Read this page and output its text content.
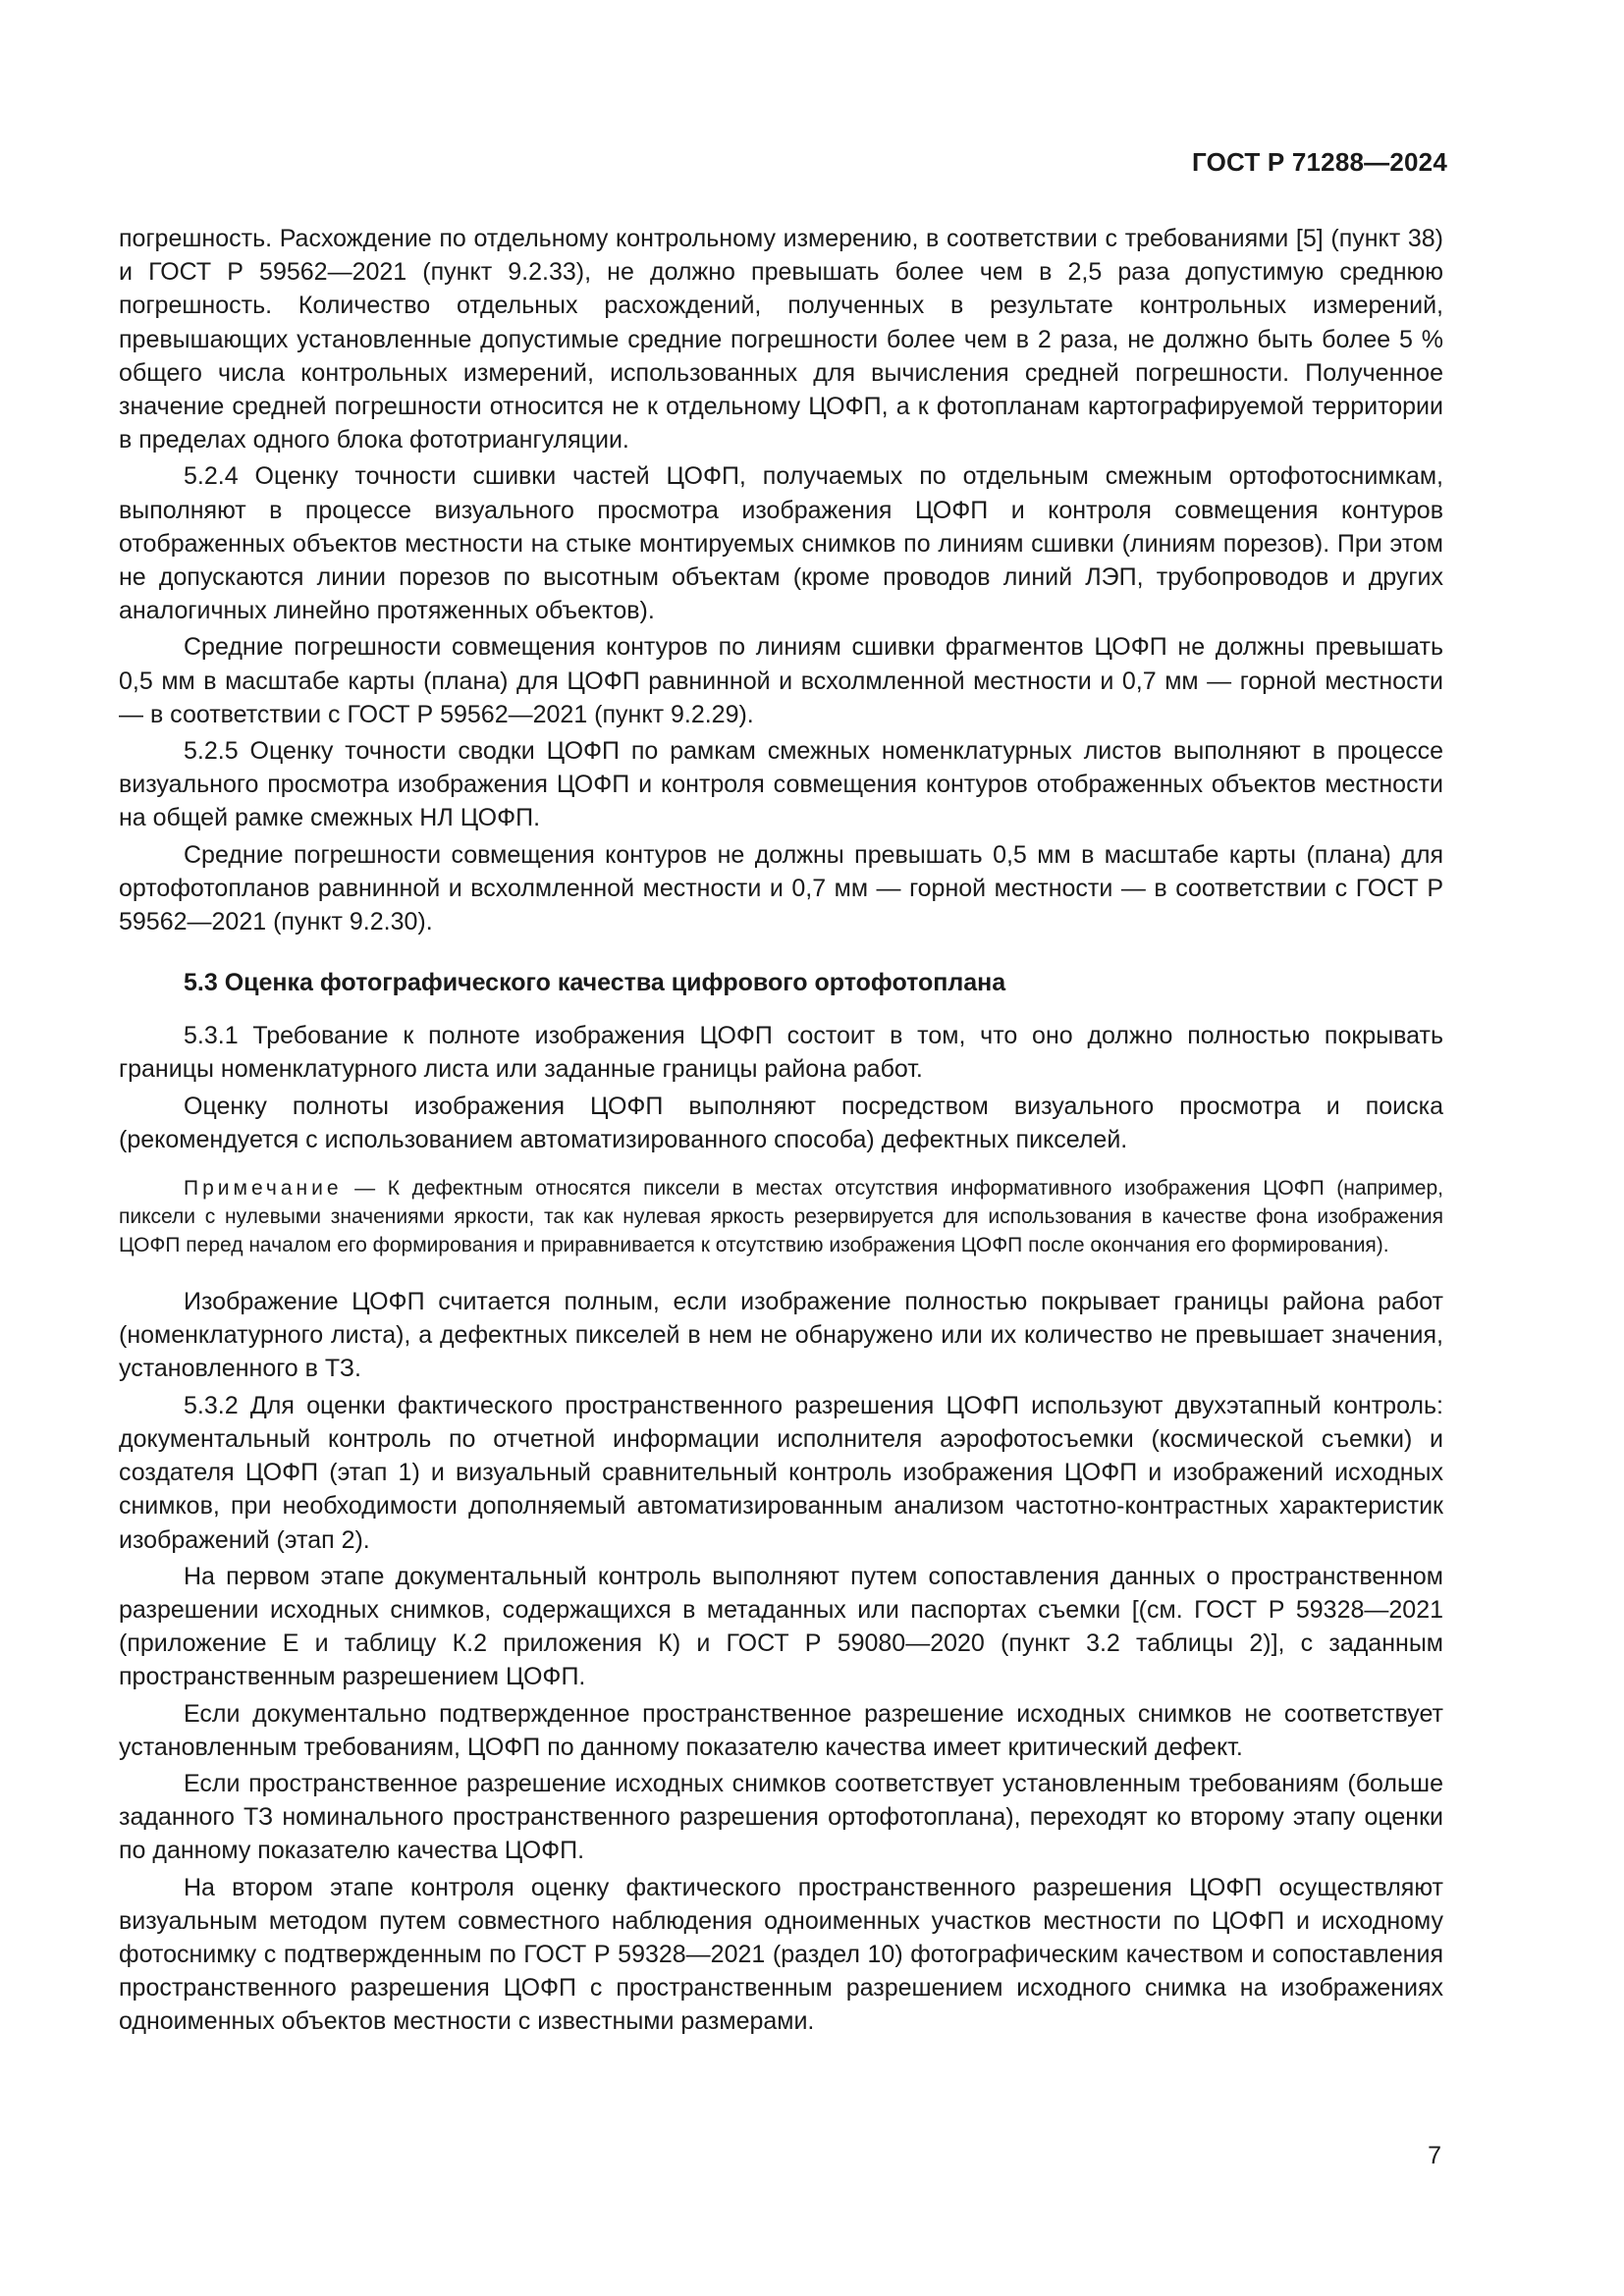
ГОСТ Р 71288—2024

погрешность. Расхождение по отдельному контрольному измерению, в соответствии с требованиями [5] (пункт 38) и ГОСТ Р 59562—2021 (пункт 9.2.33), не должно превышать более чем в 2,5 раза допустимую среднюю погрешность. Количество отдельных расхождений, полученных в результате контрольных измерений, превышающих установленные допустимые средние погрешности более чем в 2 раза, не должно быть более 5 % общего числа контрольных измерений, использованных для вычисления средней погрешности. Полученное значение средней погрешности относится не к отдельному ЦОФП, а к фотопланам картографируемой территории в пределах одного блока фототриангуляции.

5.2.4 Оценку точности сшивки частей ЦОФП, получаемых по отдельным смежным ортофотоснимкам, выполняют в процессе визуального просмотра изображения ЦОФП и контроля совмещения контуров отображенных объектов местности на стыке монтируемых снимков по линиям сшивки (линиям порезов). При этом не допускаются линии порезов по высотным объектам (кроме проводов линий ЛЭП, трубопроводов и других аналогичных линейно протяженных объектов).

Средние погрешности совмещения контуров по линиям сшивки фрагментов ЦОФП не должны превышать 0,5 мм в масштабе карты (плана) для ЦОФП равнинной и всхолмленной местности и 0,7 мм — горной местности — в соответствии с ГОСТ Р 59562—2021 (пункт 9.2.29).

5.2.5 Оценку точности сводки ЦОФП по рамкам смежных номенклатурных листов выполняют в процессе визуального просмотра изображения ЦОФП и контроля совмещения контуров отображенных объектов местности на общей рамке смежных НЛ ЦОФП.

Средние погрешности совмещения контуров не должны превышать 0,5 мм в масштабе карты (плана) для ортофотопланов равнинной и всхолмленной местности и 0,7 мм — горной местности — в соответствии с ГОСТ Р 59562—2021 (пункт 9.2.30).

5.3 Оценка фотографического качества цифрового ортофотоплана

5.3.1 Требование к полноте изображения ЦОФП состоит в том, что оно должно полностью покрывать границы номенклатурного листа или заданные границы района работ.

Оценку полноты изображения ЦОФП выполняют посредством визуального просмотра и поиска (рекомендуется с использованием автоматизированного способа) дефектных пикселей.

Примечание — К дефектным относятся пиксели в местах отсутствия информативного изображения ЦОФП (например, пиксели с нулевыми значениями яркости, так как нулевая яркость резервируется для использования в качестве фона изображения ЦОФП перед началом его формирования и приравнивается к отсутствию изображения ЦОФП после окончания его формирования).

Изображение ЦОФП считается полным, если изображение полностью покрывает границы района работ (номенклатурного листа), а дефектных пикселей в нем не обнаружено или их количество не превышает значения, установленного в ТЗ.

5.3.2 Для оценки фактического пространственного разрешения ЦОФП используют двухэтапный контроль: документальный контроль по отчетной информации исполнителя аэрофотосъемки (космической съемки) и создателя ЦОФП (этап 1) и визуальный сравнительный контроль изображения ЦОФП и изображений исходных снимков, при необходимости дополняемый автоматизированным анализом частотно-контрастных характеристик изображений (этап 2).

На первом этапе документальный контроль выполняют путем сопоставления данных о пространственном разрешении исходных снимков, содержащихся в метаданных или паспортах съемки [(см. ГОСТ Р 59328—2021 (приложение Е и таблицу К.2 приложения К) и ГОСТ Р 59080—2020 (пункт 3.2 таблицы 2)], с заданным пространственным разрешением ЦОФП.

Если документально подтвержденное пространственное разрешение исходных снимков не соответствует установленным требованиям, ЦОФП по данному показателю качества имеет критический дефект.

Если пространственное разрешение исходных снимков соответствует установленным требованиям (больше заданного ТЗ номинального пространственного разрешения ортофотоплана), переходят ко второму этапу оценки по данному показателю качества ЦОФП.

На втором этапе контроля оценку фактического пространственного разрешения ЦОФП осуществляют визуальным методом путем совместного наблюдения одноименных участков местности по ЦОФП и исходному фотоснимку с подтвержденным по ГОСТ Р 59328—2021 (раздел 10) фотографическим качеством и сопоставления пространственного разрешения ЦОФП с пространственным разрешением исходного снимка на изображениях одноименных объектов местности с известными размерами.

7
